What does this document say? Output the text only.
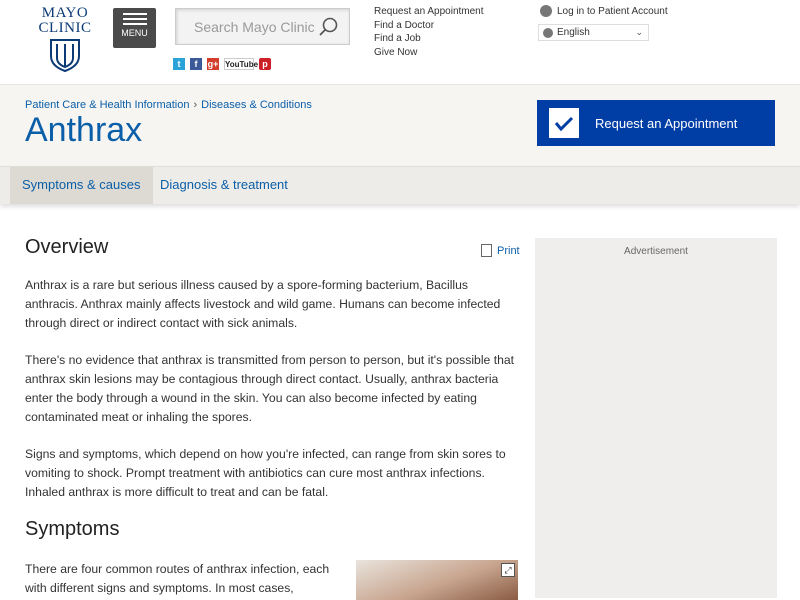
MAYO
CLINIC	MENU
Search Mayo Clinic
t	f	g+ YouTube p
Request an Appointment
Find a Doctor
Find a Job
Give Now
Log in to Patient Account
English	⌄
Patient Care & Health Information › Diseases & Conditions
Anthrax	Request an Appointment
Symptoms & causes	Diagnosis & treatment
Overview	Print

Anthrax is a rare but serious illness caused by a spore-forming bacterium, Bacillus anthracis. Anthrax mainly affects livestock and wild game. Humans can become infected through direct or indirect contact with sick animals.

There's no evidence that anthrax is transmitted from person to person, but it's possible that anthrax skin lesions may be contagious through direct contact. Usually, anthrax bacteria enter the body through a wound in the skin. You can also become infected by eating contaminated meat or inhaling the spores.

Signs and symptoms, which depend on how you're infected, can range from skin sores to vomiting to shock. Prompt treatment with antibiotics can cure most anthrax infections. Inhaled anthrax is more difficult to treat and can be fatal.

Symptoms

There are four common routes of anthrax infection, each with different signs and symptoms. In most cases,

⤢
Advertisement
